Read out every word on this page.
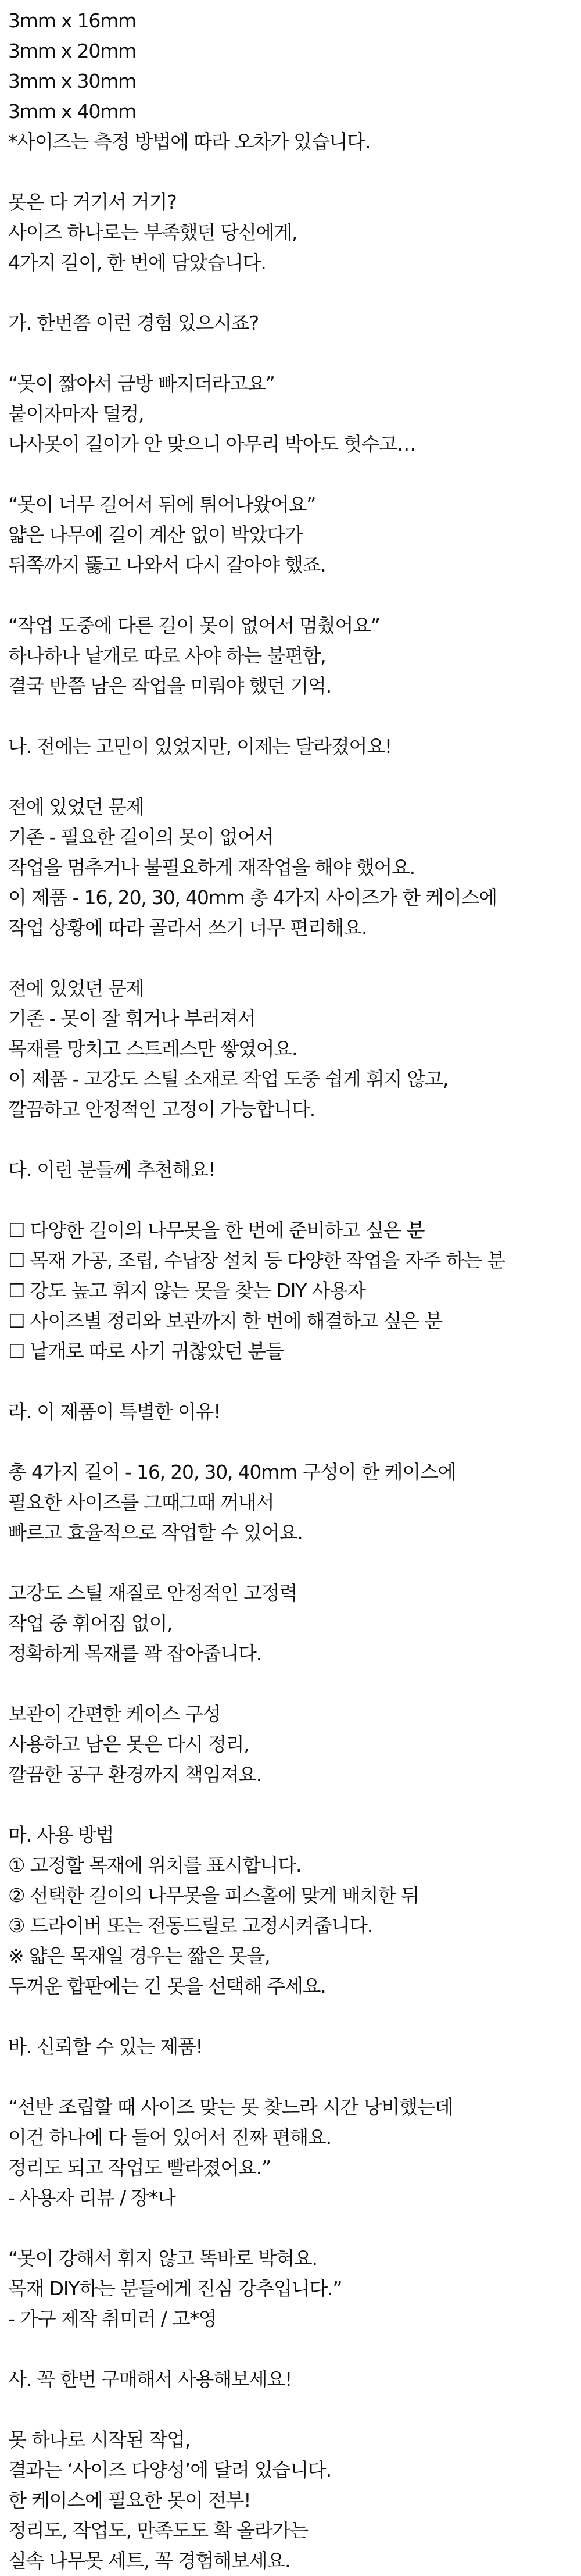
3mm x 16mm
3mm x 20mm
3mm x 30mm
3mm x 40mm
*사이즈는 측정 방법에 따라 오차가 있습니다.
못은 다 거기서 거기?
사이즈 하나로는 부족했던 당신에게,
4가지 길이, 한 번에 담았습니다.
가. 한번쯤 이런 경험 있으시죠?
“못이 짧아서 금방 빠지더라고요”
붙이자마자 덜컹,
나사못이 길이가 안 맞으니 아무리 박아도 헛수고…
“못이 너무 길어서 뒤에 튀어나왔어요”
얇은 나무에 길이 계산 없이 박았다가
뒤쪽까지 뚫고 나와서 다시 갈아야 했죠.
“작업 도중에 다른 길이 못이 없어서 멈췄어요”
하나하나 낱개로 따로 사야 하는 불편함,
결국 반쯤 남은 작업을 미뤄야 했던 기억.
나. 전에는 고민이 있었지만, 이제는 달라졌어요!
전에 있었던 문제
기존 - 필요한 길이의 못이 없어서
작업을 멈추거나 불필요하게 재작업을 해야 했어요.
이 제품 - 16, 20, 30, 40mm 총 4가지 사이즈가 한 케이스에
작업 상황에 따라 골라서 쓰기 너무 편리해요.
전에 있었던 문제
기존 - 못이 잘 휘거나 부러져서
목재를 망치고 스트레스만 쌓였어요.
이 제품 - 고강도 스틸 소재로 작업 도중 쉽게 휘지 않고,
깔끔하고 안정적인 고정이 가능합니다.
다. 이런 분들께 추천해요!
☐ 다양한 길이의 나무못을 한 번에 준비하고 싶은 분
☐ 목재 가공, 조립, 수납장 설치 등 다양한 작업을 자주 하는 분
☐ 강도 높고 휘지 않는 못을 찾는 DIY 사용자
☐ 사이즈별 정리와 보관까지 한 번에 해결하고 싶은 분
☐ 낱개로 따로 사기 귀찮았던 분들
라. 이 제품이 특별한 이유!
총 4가지 길이 - 16, 20, 30, 40mm 구성이 한 케이스에
필요한 사이즈를 그때그때 꺼내서
빠르고 효율적으로 작업할 수 있어요.
고강도 스틸 재질로 안정적인 고정력
작업 중 휘어짐 없이,
정확하게 목재를 꽉 잡아줍니다.
보관이 간편한 케이스 구성
사용하고 남은 못은 다시 정리,
깔끔한 공구 환경까지 책임져요.
마. 사용 방법
① 고정할 목재에 위치를 표시합니다.
② 선택한 길이의 나무못을 피스홀에 맞게 배치한 뒤
③ 드라이버 또는 전동드릴로 고정시켜줍니다.
※ 얇은 목재일 경우는 짧은 못을,
두꺼운 합판에는 긴 못을 선택해 주세요.
바. 신뢰할 수 있는 제품!
“선반 조립할 때 사이즈 맞는 못 찾느라 시간 낭비했는데
이건 하나에 다 들어 있어서 진짜 편해요.
정리도 되고 작업도 빨라졌어요.”
- 사용자 리뷰 / 장*나
“못이 강해서 휘지 않고 똑바로 박혀요.
목재 DIY하는 분들에게 진심 강추입니다.”
- 가구 제작 취미러 / 고*영
사. 꼭 한번 구매해서 사용해보세요!
못 하나로 시작된 작업,
결과는 ‘사이즈 다양성’에 달려 있습니다.
한 케이스에 필요한 못이 전부!
정리도, 작업도, 만족도도 확 올라가는
실속 나무못 세트, 꼭 경험해보세요.
